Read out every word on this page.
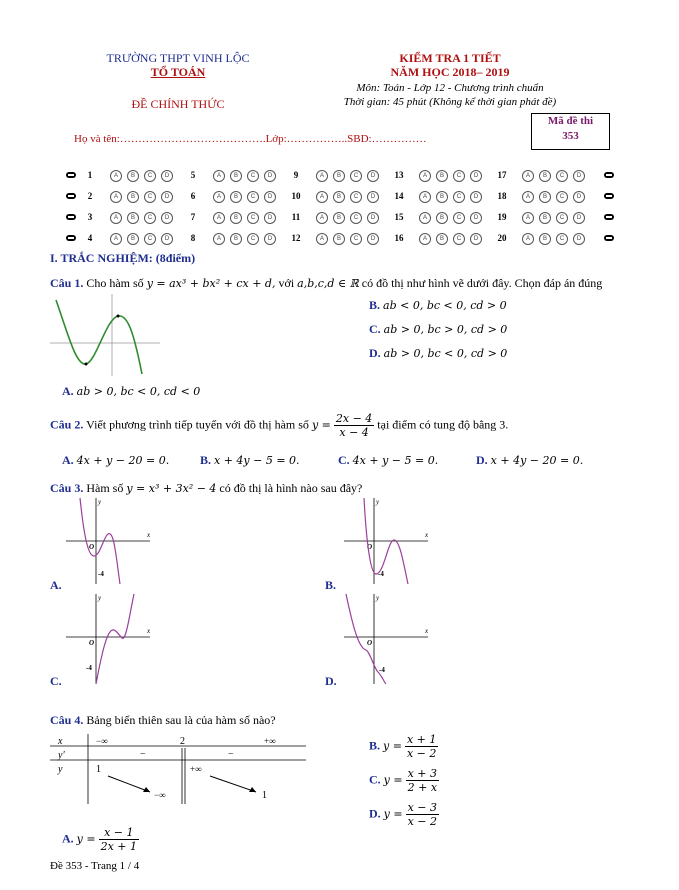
TRƯỜNG THPT VINH LỘC
TỔ TOÁN
ĐỀ CHÍNH THỨC
KIỂM TRA 1 TIẾT
NĂM HỌC 2018– 2019
Môn: Toán - Lớp 12 - Chương trình chuẩn
Thời gian: 45 phút (Không kể thời gian phát đề)
Mã đề thi
353
Họ và tên:………………………………….Lớp:……………..SBD:……………
1	A	B	C	D	5	A	B	C	D	9	A	B	C	D	13	A	B	C	D	17	A	B	C	D
2	A	B	C	D	6	A	B	C	D	10	A	B	C	D	14	A	B	C	D	18	A	B	C	D
3	A	B	C	D	7	A	B	C	D	11	A	B	C	D	15	A	B	C	D	19	A	B	C	D
4	A	B	C	D	8	A	B	C	D	12	A	B	C	D	16	A	B	C	D	20	A	B	C	D
I. TRẮC NGHIỆM: (8điểm)
Câu 1. Cho hàm số y = ax³ + bx² + cx + d, với a,b,c,d ∈ ℝ có đồ thị như hình vẽ dưới đây. Chọn đáp án đúng
B. ab < 0, bc < 0, cd > 0
C. ab > 0, bc > 0, cd > 0
D. ab > 0, bc < 0, cd > 0
A. ab > 0, bc < 0, cd < 0
Câu 2. Viết phương trình tiếp tuyến với đồ thị hàm số $y = \frac{2x - 4}{x - 4}$ tại điểm có tung độ bằng 3.
A. 4x + y − 20 = 0.	B. x + 4y − 5 = 0.	C. 4x + y − 5 = 0.	D. x + 4y − 20 = 0.
Câu 3. Hàm số y = x³ + 3x² − 4 có đồ thị là hình nào sau đây?
x
y
O
-4
A.
x
y
O
-4
B.
x
y
O
-4
C.
x
y
O
-4
D.
Câu 4. Bảng biến thiên sau là của hàm số nào?
x
y'
y
−∞	2	+∞
−	−
1	+∞
−∞	1
B. $y = \frac{x + 1}{x - 2}$
C. $y = \frac{x + 3}{2 + x}$
D. $y = \frac{x - 3}{x - 2}$
A. $y = \frac{x - 1}{2x + 1}$
Đề 353 - Trang 1 / 4
